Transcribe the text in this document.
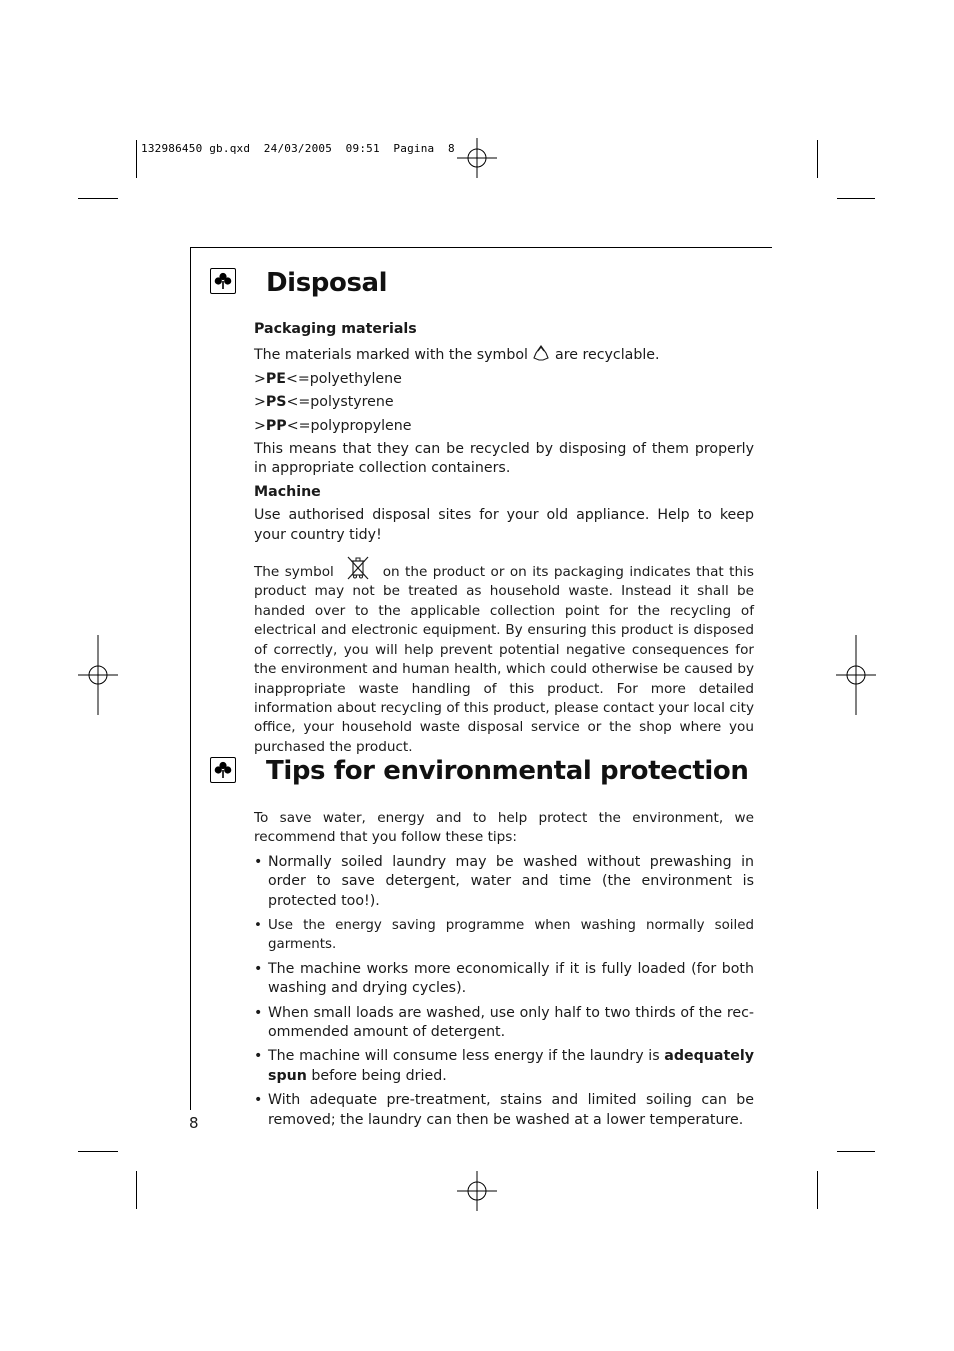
132986450 gb.qxd  24/03/2005  09:51  Pagina  8
Disposal

Packaging materials

The materials marked with the symbol are recyclable.

>PE<=polyethylene

>PS<=polystyrene

>PP<=polypropylene

This means that they can be recycled by disposing of them properly in appropriate collection containers.

Machine

Use authorised disposal sites for your old appliance. Help to keep your country tidy!

The symbol	on the product or on its packaging indicates that this product may not be treated as household waste. Instead it shall be handed over to the applicable collection point for the recycling of electrical and electronic equipment. By ensuring this product is disposed of correctly, you will help prevent potential negative consequences for the environment and human health, which could otherwise be caused by inappropriate waste handling of this product. For more detailed information about recycling of this product, please contact your local city office, your household waste disposal service or the shop where you purchased the product.

Tips for environmental protection

To save water, energy and to help protect the environment, we recommend that you follow these tips:

• Normally soiled laundry may be washed without prewashing in order to save detergent, water and time (the environment is protected too!).

• Use the energy saving programme when washing normally soiled garments.

• The machine works more economically if it is fully loaded (for both washing and drying cycles).

• When small loads are washed, use only half to two thirds of the rec-ommended amount of detergent.

• The machine will consume less energy if the laundry is adequately spun before being dried.

• With adequate pre-treatment, stains and limited soiling can be removed; the laundry can then be washed at a lower temperature.

8
